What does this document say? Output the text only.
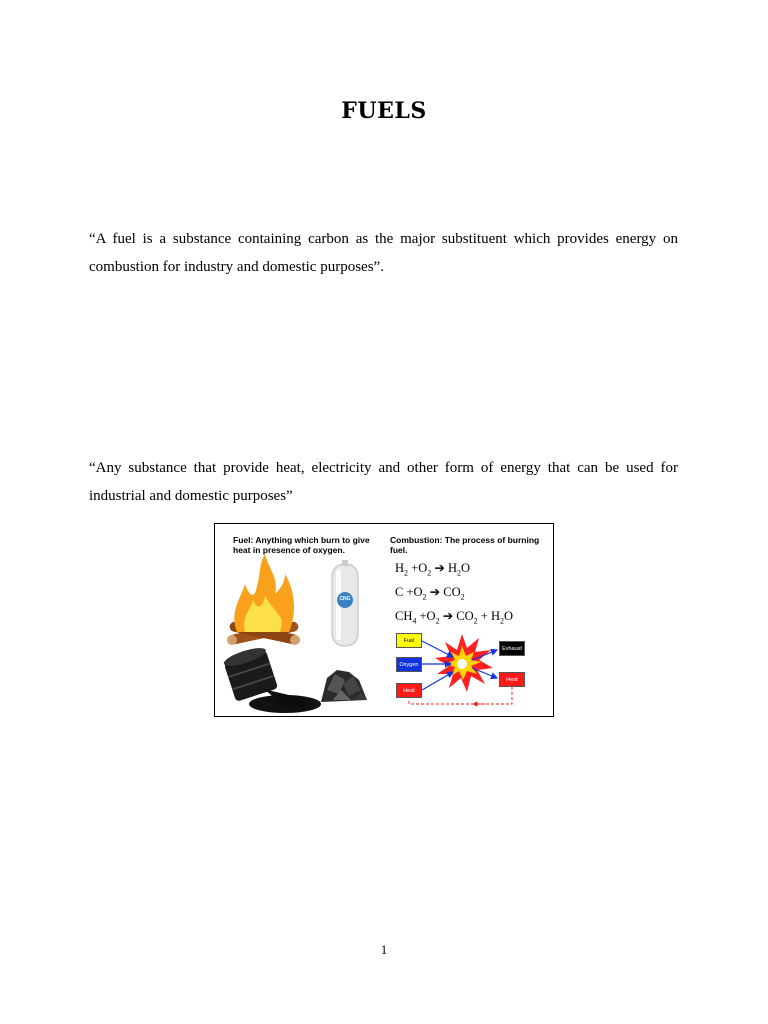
FUELS
“A fuel is a substance containing carbon as the major substituent which provides energy on combustion for industry and domestic purposes”.
“Any substance that provide heat, electricity and other form of energy that can be used for industrial and domestic purposes”
Fuel: Anything which burn to give heat in presence of oxygen.
Combustion: The process of burning fuel.
CNG
$H_2 +O_2$ ➔ $H_2O$
$C +O_2$ ➔ $CO_2$
$CH_4 +O_2$ ➔ $CO_2 + H_2O$
Fuel
Oxygen
Heat
Exhaust
Heat
1
